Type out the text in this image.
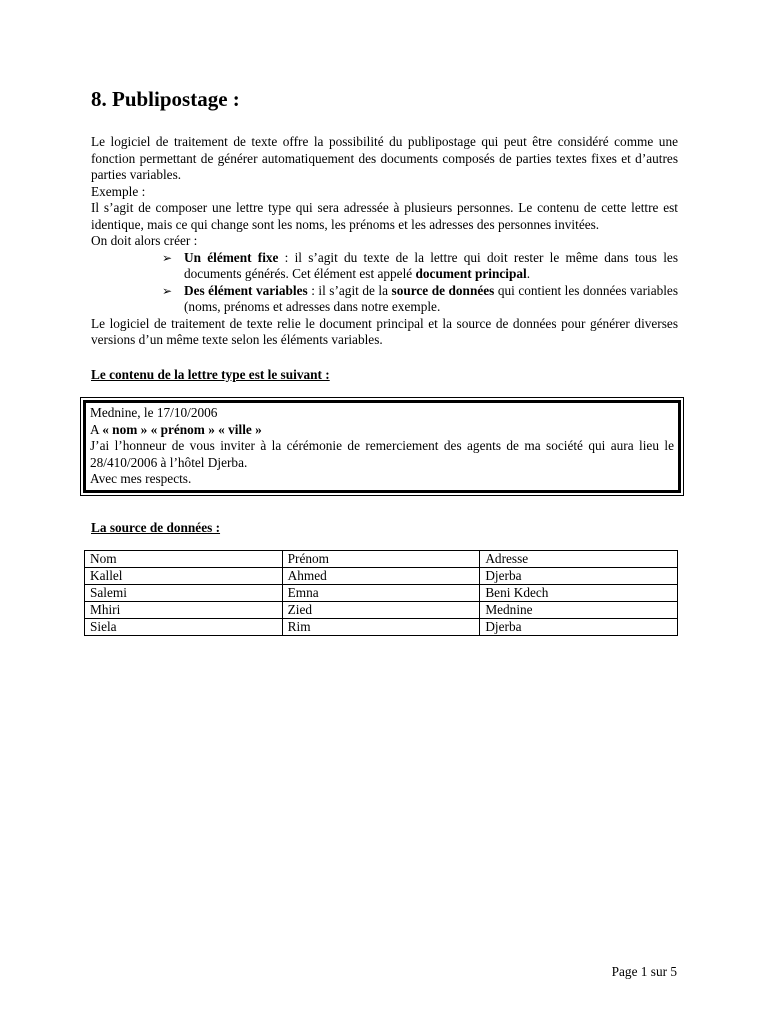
8. Publipostage :

Le logiciel de traitement de texte offre la possibilité du publipostage qui peut être considéré comme une fonction permettant de générer automatiquement des documents composés de parties textes fixes et d’autres parties variables.

Exemple :

Il s’agit de composer une lettre type qui sera adressée à plusieurs personnes. Le contenu de cette lettre est identique, mais ce qui change sont les noms, les prénoms et les adresses des personnes invitées.

On doit alors créer :

➢ Un élément fixe : il s’agit du texte de la lettre qui doit rester le même dans tous les documents générés. Cet élément est appelé document principal.
➢ Des élément variables : il s’agit de la source de données qui contient les données variables (noms, prénoms et adresses dans notre exemple.

Le logiciel de traitement de texte relie le document principal et la source de données pour générer diverses versions d’un même texte selon les éléments variables.

Le contenu de la lettre type est le suivant :

Mednine, le 17/10/2006

A « nom » « prénom » « ville »

J’ai l’honneur de vous inviter à la cérémonie de remerciement des agents de ma société qui aura lieu le 28/410/2006 à l’hôtel Djerba.

Avec mes respects.

La source de données :

Nom	Prénom	Adresse
Kallel	Ahmed	Djerba
Salemi	Emna	Beni Kdech
Mhiri	Zied	Mednine
Siela	Rim	Djerba
Page 1 sur 5
